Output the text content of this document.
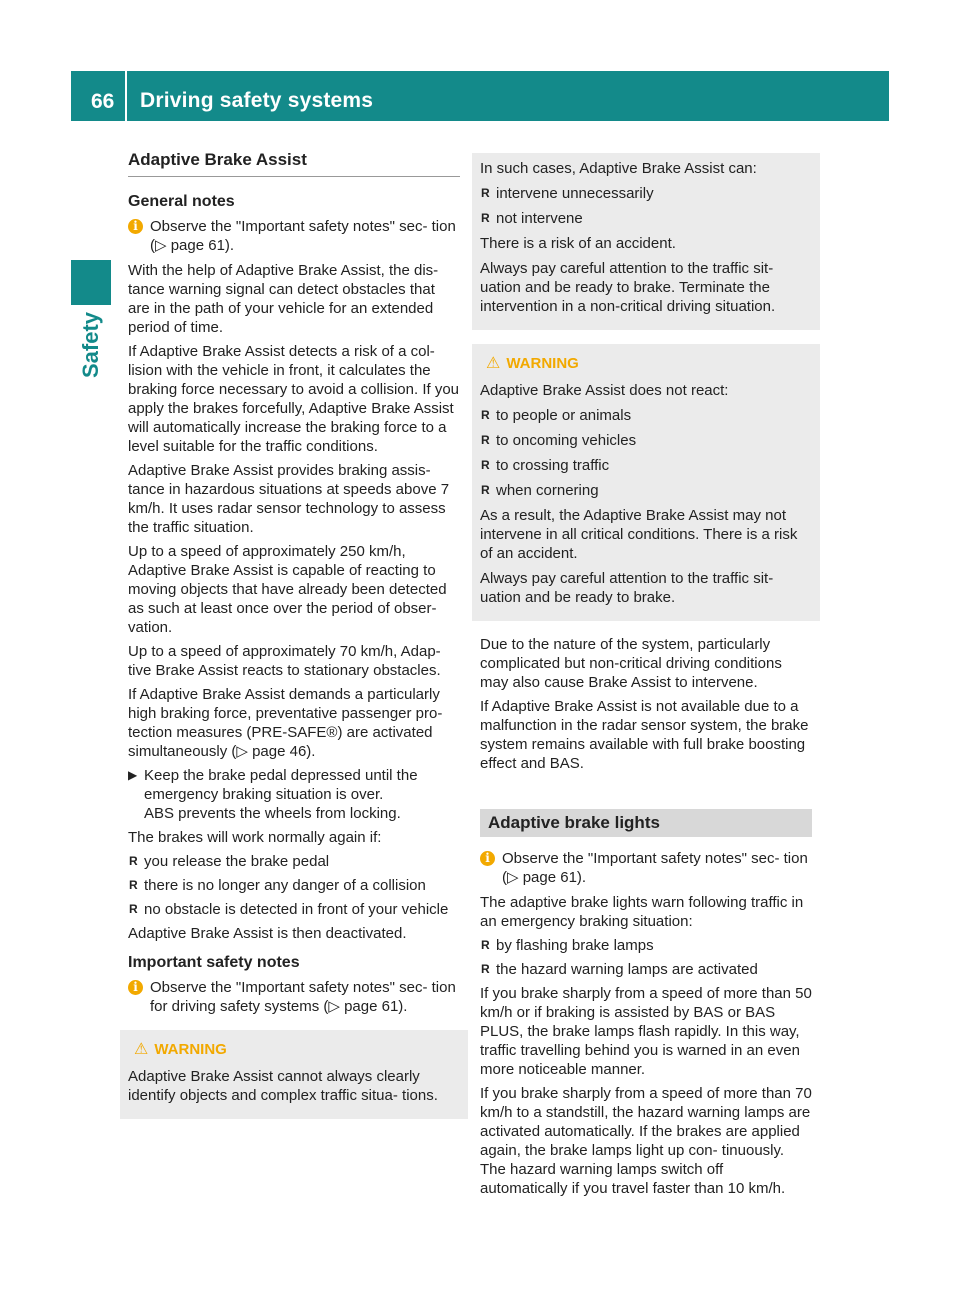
66 Driving safety systems
Safety
Adaptive Brake Assist
General notes
i Observe the "Important safety notes" sec- tion (▷ page 61).

With the help of Adaptive Brake Assist, the dis- tance warning signal can detect obstacles that are in the path of your vehicle for an extended period of time.

If Adaptive Brake Assist detects a risk of a col- lision with the vehicle in front, it calculates the braking force necessary to avoid a collision. If you apply the brakes forcefully, Adaptive Brake Assist will automatically increase the braking force to a level suitable for the traffic conditions.

Adaptive Brake Assist provides braking assis- tance in hazardous situations at speeds above 7 km/h. It uses radar sensor technology to assess the traffic situation.

Up to a speed of approximately 250 km/h, Adaptive Brake Assist is capable of reacting to moving objects that have already been detected as such at least once over the period of obser- vation.

Up to a speed of approximately 70 km/h, Adap- tive Brake Assist reacts to stationary obstacles.

If Adaptive Brake Assist demands a particularly high braking force, preventative passenger pro- tection measures (PRE-SAFE®) are activated simultaneously (▷ page 46).

▶ Keep the brake pedal depressed until the emergency braking situation is over.
ABS prevents the wheels from locking.

The brakes will work normally again if:

R you release the brake pedal
R there is no longer any danger of a collision
R no obstacle is detected in front of your vehicle

Adaptive Brake Assist is then deactivated.

Important safety notes
i Observe the "Important safety notes" sec- tion for driving safety systems (▷ page 61).
⚠ WARNING

Adaptive Brake Assist cannot always clearly identify objects and complex traffic situa- tions.

In such cases, Adaptive Brake Assist can:

R intervene unnecessarily
R not intervene

There is a risk of an accident.

Always pay careful attention to the traffic sit- uation and be ready to brake. Terminate the intervention in a non-critical driving situation.

⚠ WARNING

Adaptive Brake Assist does not react:

R to people or animals
R to oncoming vehicles
R to crossing traffic
R when cornering

As a result, the Adaptive Brake Assist may not intervene in all critical conditions. There is a risk of an accident.

Always pay careful attention to the traffic sit- uation and be ready to brake.

Due to the nature of the system, particularly complicated but non-critical driving conditions may also cause Brake Assist to intervene.

If Adaptive Brake Assist is not available due to a malfunction in the radar sensor system, the brake system remains available with full brake boosting effect and BAS.

Adaptive brake lights
i Observe the "Important safety notes" sec- tion (▷ page 61).

The adaptive brake lights warn following traffic in an emergency braking situation:

R by flashing brake lamps
R the hazard warning lamps are activated

If you brake sharply from a speed of more than 50 km/h or if braking is assisted by BAS or BAS PLUS, the brake lamps flash rapidly. In this way, traffic travelling behind you is warned in an even more noticeable manner.

If you brake sharply from a speed of more than 70 km/h to a standstill, the hazard warning lamps are activated automatically. If the brakes are applied again, the brake lamps light up con- tinuously. The hazard warning lamps switch off automatically if you travel faster than 10 km/h.
